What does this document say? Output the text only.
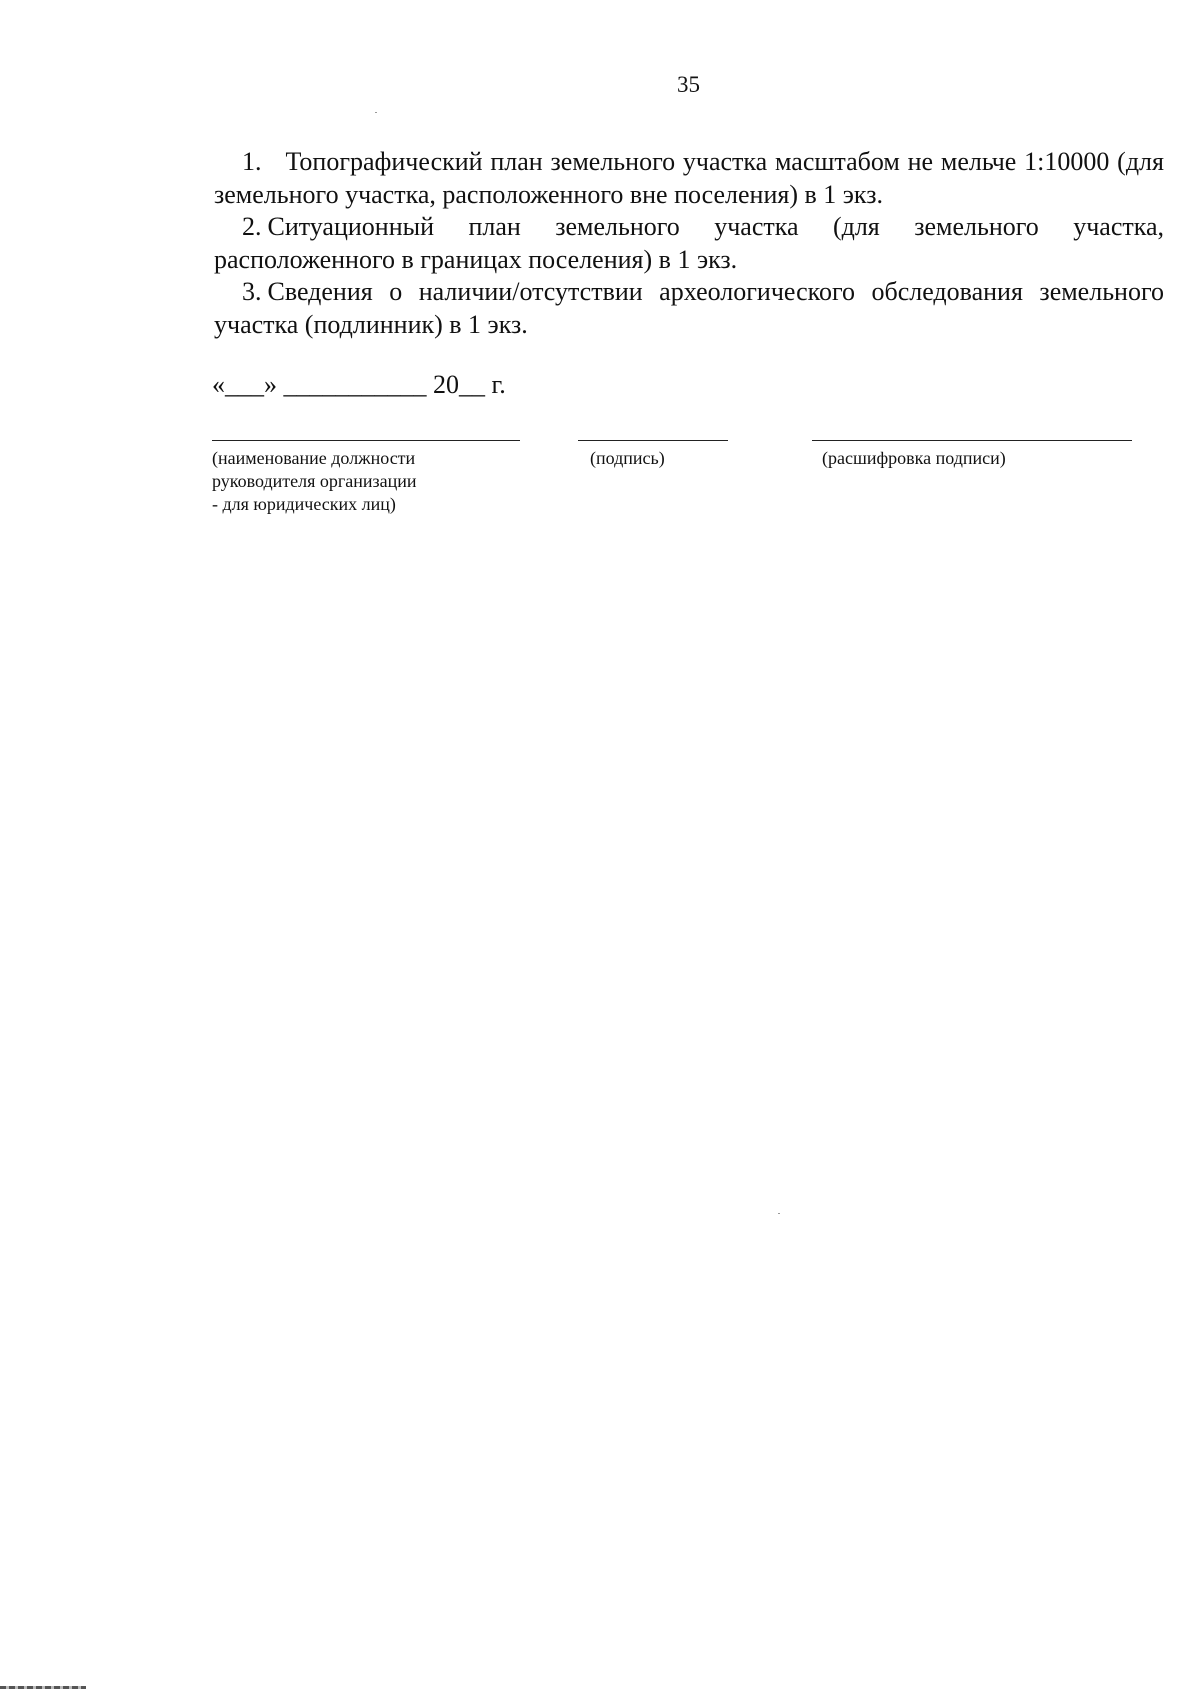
35

1. Топографический план земельного участка масштабом не мельче 1:10000 (для земельного участка, расположенного вне поселения) в 1 экз.

2. Ситуационный план земельного участка (для земельного участка, расположенного в границах поселения) в 1 экз.

3. Сведения о наличии/отсутствии археологического обследования земельного участка (подлинник) в 1 экз.

«___» ___________ 20__ г.
(наименование должности
руководителя организации
- для юридических лиц)
(подпись)	(расшифровка подписи)
